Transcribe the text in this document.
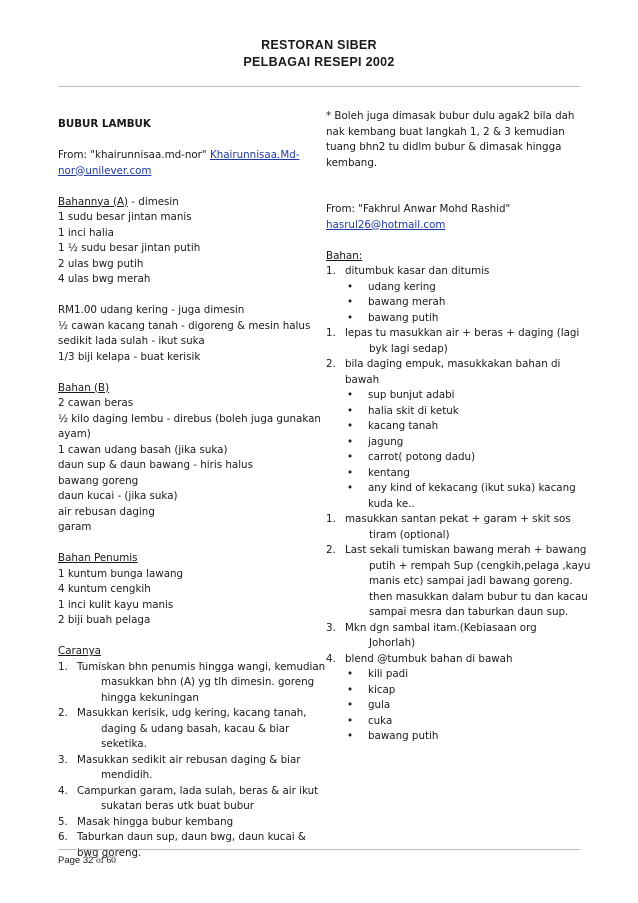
RESTORAN SIBER
PELBAGAI RESEPI 2002

BUBUR LAMBUK

From: "khairunnisaa.md-nor" Khairunnisaa.Md-

nor@unilever.com

Bahannya (A) - dimesin

1 sudu besar jintan manis

1 inci halia

1 ½ sudu besar jintan putih

2 ulas bwg putih

4 ulas bwg merah

RM1.00 udang kering - juga dimesin

½ cawan kacang tanah - digoreng & mesin halus

sedikit lada sulah - ikut suka

1/3 biji kelapa - buat kerisik

Bahan (B)

2 cawan beras

½ kilo daging lembu - direbus (boleh juga gunakan

ayam)

1 cawan udang basah (jika suka)

daun sup & daun bawang - hiris halus

bawang goreng

daun kucai - (jika suka)

air rebusan daging

garam

Bahan Penumis

1 kuntum bunga lawang

4 kuntum cengkih

1 inci kulit kayu manis

2 biji buah pelaga

Caranya

1. Tumiskan bhn penumis hingga wangi, kemudian

masukkan bhn (A) yg tlh dimesin. goreng

hingga kekuningan

2. Masukkan kerisik, udg kering, kacang tanah,

daging & udang basah, kacau & biar

seketika.

3. Masukkan sedikit air rebusan daging & biar

mendidih.

4. Campurkan garam, lada sulah, beras & air ikut

sukatan beras utk buat bubur

5. Masak hingga bubur kembang

6. Taburkan daun sup, daun bwg, daun kucai &

bwg goreng.

* Boleh juga dimasak bubur dulu agak2 bila dah

nak kembang buat langkah 1, 2 & 3 kemudian

tuang bhn2 tu didlm bubur & dimasak hingga

kembang.

From: "Fakhrul Anwar Mohd Rashid"

hasrul26@hotmail.com

Bahan:

1. ditumbuk kasar dan ditumis

• udang kering

• bawang merah

• bawang putih

1. lepas tu masukkan air + beras + daging (lagi

byk lagi sedap)

2. bila daging empuk, masukkakan bahan di

bawah

• sup bunjut adabi

• halia skit di ketuk

• kacang tanah

• jagung

• carrot( potong dadu)

• kentang

• any kind of kekacang (ikut suka) kacang

kuda ke..

1. masukkan santan pekat + garam + skit sos

tiram (optional)

2. Last sekali tumiskan bawang merah + bawang

putih + rempah Sup (cengkih,pelaga ,kayu

manis etc) sampai jadi bawang goreng.

then masukkan dalam bubur tu dan kacau

sampai mesra dan taburkan daun sup.

3. Mkn dgn sambal itam.(Kebiasaan org

Johorlah)

4. blend @tumbuk bahan di bawah

• kili padi

• kicap

• gula

• cuka

• bawang putih

Page 32 of 60
